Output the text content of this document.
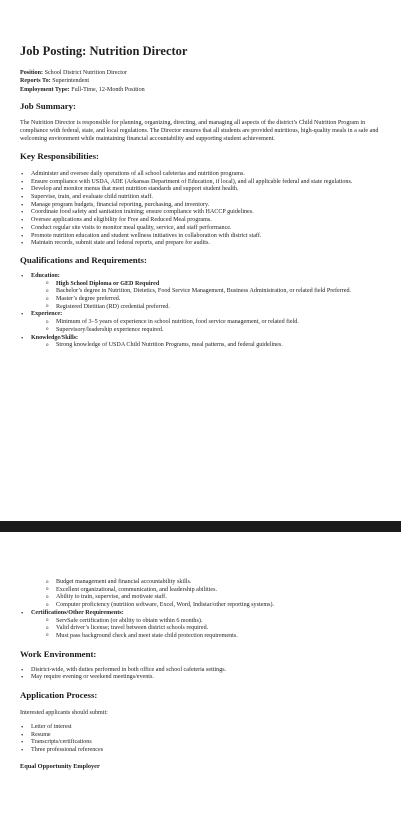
Job Posting: Nutrition Director

Position: School District Nutrition Director

Reports To: Superintendent

Employment Type: Full-Time, 12-Month Position

Job Summary:

The Nutrition Director is responsible for planning, organizing, directing, and managing all aspects of the district’s Child Nutrition Program in compliance with federal, state, and local regulations. The Director ensures that all students are provided nutritious, high-quality meals in a safe and welcoming environment while maintaining financial accountability and supporting student achievement.

Key Responsibilities:
• Administer and oversee daily operations of all school cafeterias and nutrition programs.
• Ensure compliance with USDA, ADE (Arkansas Department of Education, if local), and all applicable federal and state regulations.
• Develop and monitor menus that meet nutrition standards and support student health.
• Supervise, train, and evaluate child nutrition staff.
• Manage program budgets, financial reporting, purchasing, and inventory.
• Coordinate food safety and sanitation training; ensure compliance with HACCP guidelines.
• Oversee applications and eligibility for Free and Reduced Meal programs.
• Conduct regular site visits to monitor meal quality, service, and staff performance.
• Promote nutrition education and student wellness initiatives in collaboration with district staff.
• Maintain records, submit state and federal reports, and prepare for audits.
Qualifications and Requirements:
• Education:
o High School Diploma or GED Required
o Bachelor’s degree in Nutrition, Dietetics, Food Service Management, Business Administration, or related field Preferred.
o Master’s degree preferred.
o Registered Dietitian (RD) credential preferred.
• Experience:
o Minimum of 3–5 years of experience in school nutrition, food service management, or related field.
o Supervisory/leadership experience required.
• Knowledge/Skills:
o Strong knowledge of USDA Child Nutrition Programs, meal patterns, and federal guidelines.
o Budget management and financial accountability skills.
o Excellent organizational, communication, and leadership abilities.
o Ability to train, supervise, and motivate staff.
o Computer proficiency (nutrition software, Excel, Word, Indistar/other reporting systems).
• Certifications/Other Requirements:
o ServSafe certification (or ability to obtain within 6 months).
o Valid driver’s license; travel between district schools required.
o Must pass background check and meet state child protection requirements.
Work Environment:
• District-wide, with duties performed in both office and school cafeteria settings.
• May require evening or weekend meetings/events.
Application Process:

Interested applicants should submit:

• Letter of interest
• Resume
• Transcripts/certifications
• Three professional references

Equal Opportunity Employer
